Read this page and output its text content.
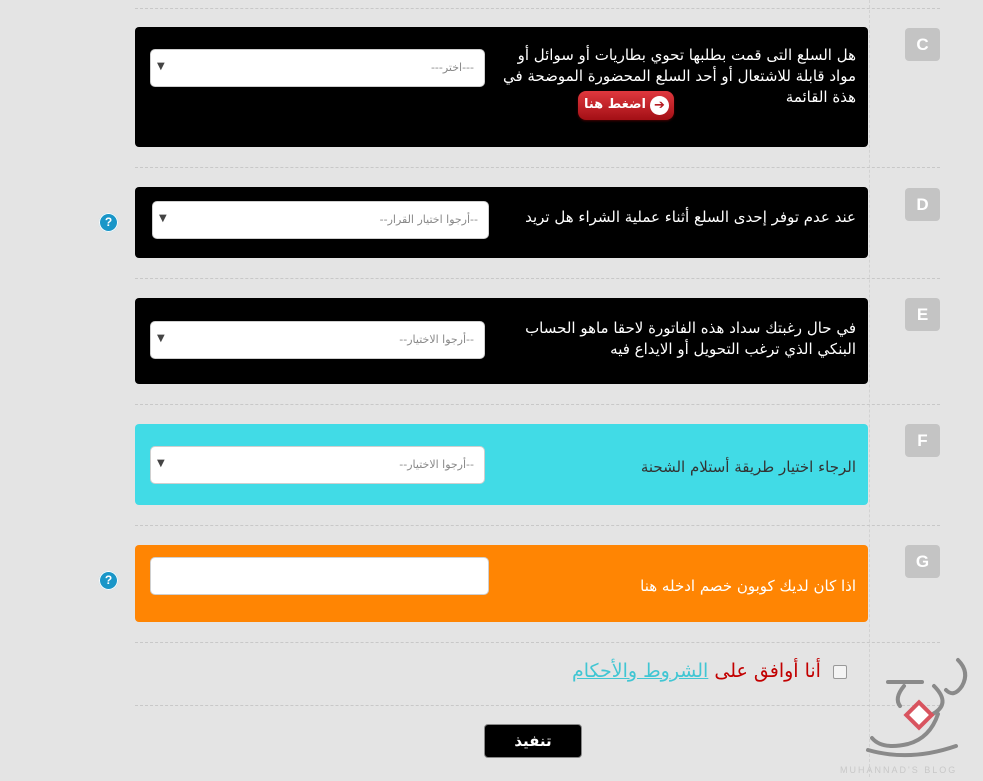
C
هل السلع التى قمت بطلبها تحوي بطاريات أو سوائل أو مواد قابلة للاشتعال أو أحد السلع المحضورة الموضحة في هذة القائمة
➔
اضغط هنا
---اختر---
▼
D
?	عند عدم توفر إحدى السلع أثناء عملية الشراء هل تريد
--أرجوا اختيار القرار--
▼
E
في حال رغبتك سداد هذه الفاتورة لاحقا ماهو الحساب البنكي الذي ترغب التحويل أو الايداع فيه
--أرجوا الاختيار--
▼
F
الرجاء اختيار طريقة أستلام الشحنة
--أرجوا الاختيار--
▼
G
?	اذا كان لديك كوبون خصم ادخله هنا
أنا أوافق على الشروط والأحكام
تنفيذ
MUHANNAD'S BLOG
